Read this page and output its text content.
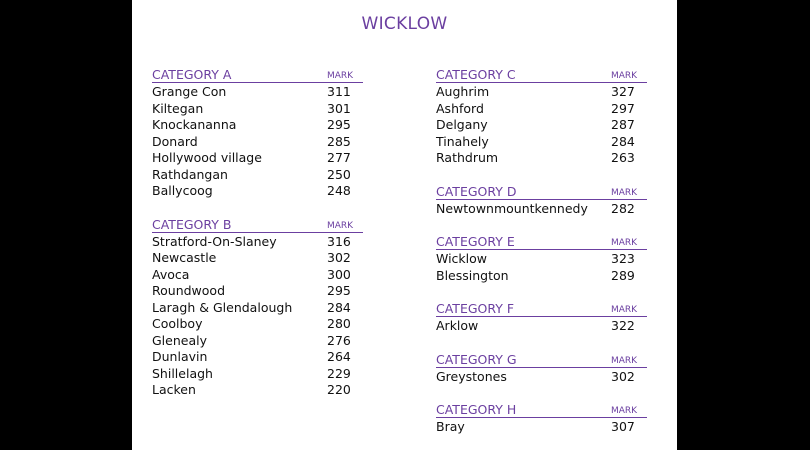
WICKLOW
CATEGORY A	MARK
Grange Con	311
Kiltegan	301
Knockananna	295
Donard	285
Hollywood village	277
Rathdangan	250
Ballycoog	248
CATEGORY B	MARK
Stratford-On-Slaney	316
Newcastle	302
Avoca	300
Roundwood	295
Laragh & Glendalough	284
Coolboy	280
Glenealy	276
Dunlavin	264
Shillelagh	229
Lacken	220
CATEGORY C	MARK
Aughrim	327
Ashford	297
Delgany	287
Tinahely	284
Rathdrum	263
CATEGORY D	MARK
Newtownmountkennedy 282
CATEGORY E	MARK
Wicklow	323
Blessington	289
CATEGORY F	MARK
Arklow	322
CATEGORY G	MARK
Greystones	302
CATEGORY H	MARK
Bray	307
